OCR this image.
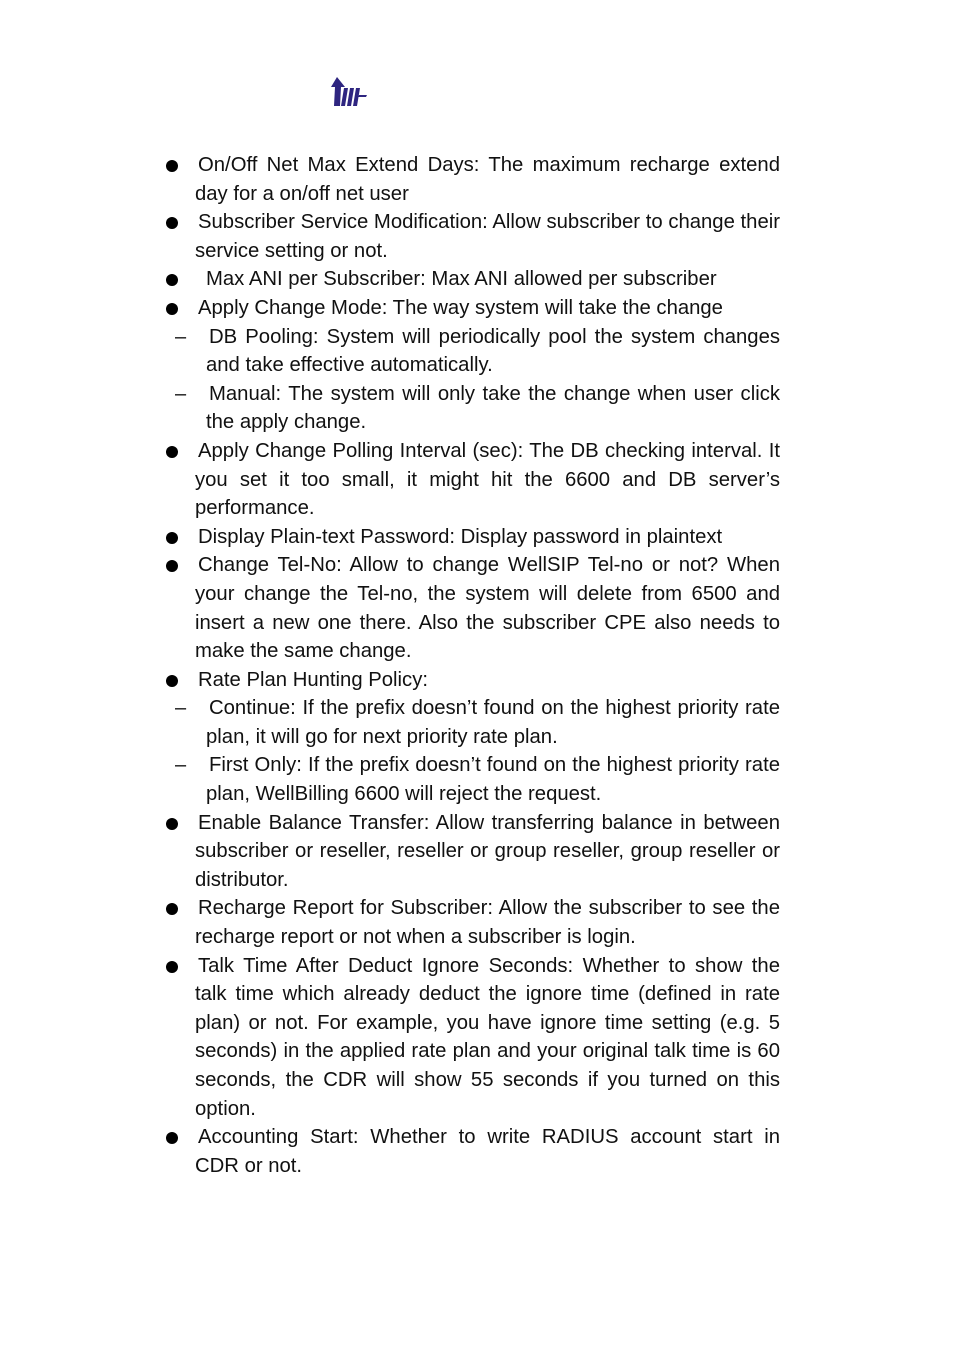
On/Off Net Max Extend Days: The maximum recharge extend day for a on/off net user
Subscriber Service Modification: Allow subscriber to change their service setting or not.
Max ANI per Subscriber: Max ANI allowed per subscriber
Apply Change Mode: The way system will take the change
– DB Pooling: System will periodically pool the system changes and take effective automatically.
– Manual: The system will only take the change when user click the apply change.
Apply Change Polling Interval (sec): The DB checking interval. It you set it too small, it might hit the 6600 and DB server’s performance.
Display Plain-text Password: Display password in plaintext
Change Tel-No: Allow to change WellSIP Tel-no or not? When your change the Tel-no, the system will delete from 6500 and insert a new one there. Also the subscriber CPE also needs to make the same change.
Rate Plan Hunting Policy:
– Continue: If the prefix doesn’t found on the highest priority rate plan, it will go for next priority rate plan.
– First Only: If the prefix doesn’t found on the highest priority rate plan, WellBilling 6600 will reject the request.
Enable Balance Transfer: Allow transferring balance in between subscriber or reseller, reseller or group reseller, group reseller or distributor.
Recharge Report for Subscriber: Allow the subscriber to see the recharge report or not when a subscriber is login.
Talk Time After Deduct Ignore Seconds: Whether to show the talk time which already deduct the ignore time (defined in rate plan) or not. For example, you have ignore time setting (e.g. 5 seconds) in the applied rate plan and your original talk time is 60 seconds, the CDR will show 55 seconds if you turned on this option.
Accounting Start: Whether to write RADIUS account start in CDR or not.
